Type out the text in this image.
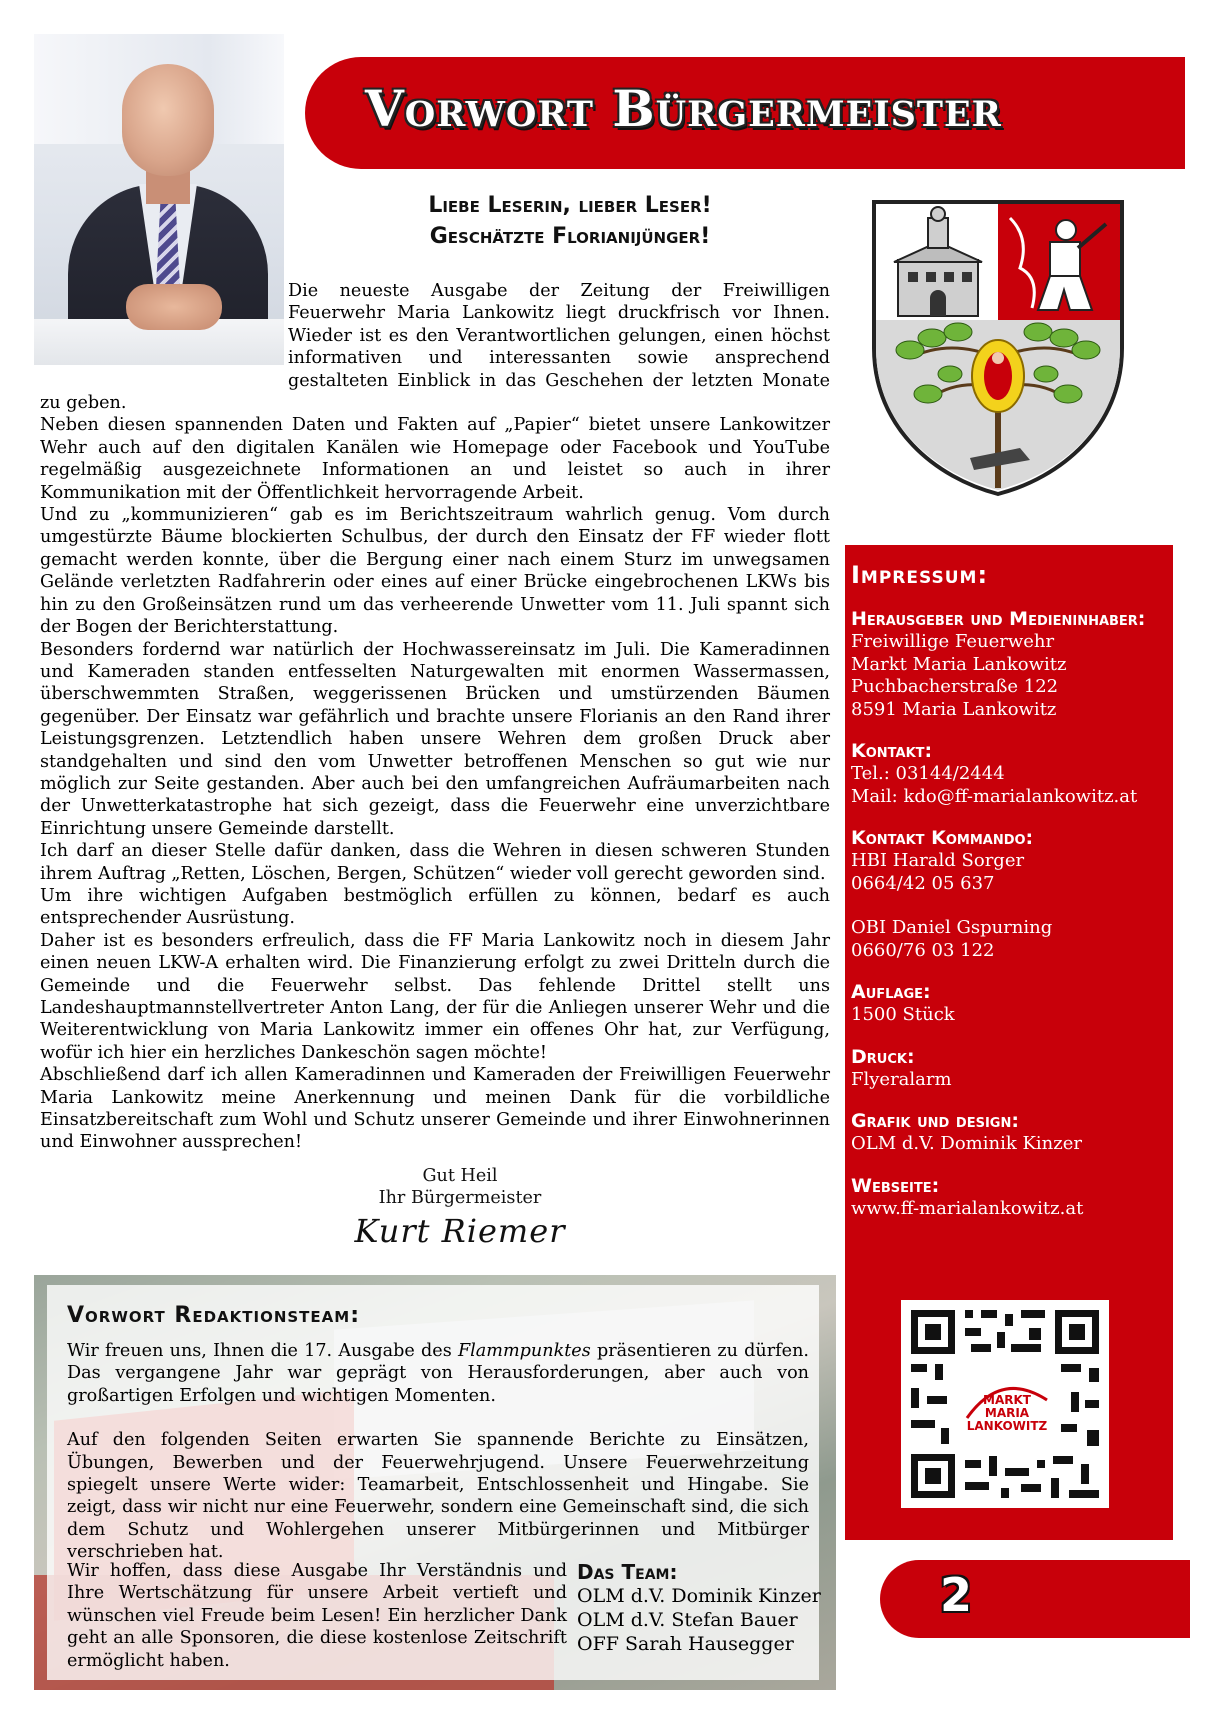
Vorwort Bürgermeister
Liebe Leserin, lieber Leser!
Geschätzte Florianijünger!

Die neueste Ausgabe der Zeitung der Freiwilligen Feuerwehr Maria Lankowitz liegt druckfrisch vor Ihnen. Wieder ist es den Verantwortlichen gelungen, einen höchst informativen und interessanten sowie ansprechend gestalteten Einblick in das Geschehen der letzten Monate zu geben.

Neben diesen spannenden Daten und Fakten auf „Papier“ bietet unsere Lankowitzer Wehr auch auf den digitalen Kanälen wie Homepage oder Facebook und YouTube regelmäßig ausgezeichnete Informationen an und leistet so auch in ihrer Kommunikation mit der Öffentlichkeit hervorragende Arbeit.

Und zu „kommunizieren“ gab es im Berichtszeitraum wahrlich genug. Vom durch umgestürzte Bäume blockierten Schulbus, der durch den Einsatz der FF wieder flott gemacht werden konnte, über die Bergung einer nach einem Sturz im unwegsamen Gelände verletzten Radfahrerin oder eines auf einer Brücke eingebrochenen LKWs bis hin zu den Großeinsätzen rund um das verheerende Unwetter vom 11. Juli spannt sich der Bogen der Berichterstattung.

Besonders fordernd war natürlich der Hochwassereinsatz im Juli. Die Kameradinnen und Kameraden standen entfesselten Naturgewalten mit enormen Wassermassen, überschwemmten Straßen, weggerissenen Brücken und umstürzenden Bäumen gegenüber. Der Einsatz war gefährlich und brachte unsere Florianis an den Rand ihrer Leistungsgrenzen. Letztendlich haben unsere Wehren dem großen Druck aber standgehalten und sind den vom Unwetter betroffenen Menschen so gut wie nur möglich zur Seite gestanden. Aber auch bei den umfangreichen Aufräumarbeiten nach der Unwetterkatastrophe hat sich gezeigt, dass die Feuerwehr eine unverzichtbare Einrichtung unsere Gemeinde darstellt.

Ich darf an dieser Stelle dafür danken, dass die Wehren in diesen schweren Stunden ihrem Auftrag „Retten, Löschen, Bergen, Schützen“ wieder voll gerecht geworden sind.

Um ihre wichtigen Aufgaben bestmöglich erfüllen zu können, bedarf es auch entsprechender Ausrüstung.

Daher ist es besonders erfreulich, dass die FF Maria Lankowitz noch in diesem Jahr einen neuen LKW-A erhalten wird. Die Finanzierung erfolgt zu zwei Dritteln durch die Gemeinde und die Feuerwehr selbst. Das fehlende Drittel stellt uns Landeshauptmannstellvertreter Anton Lang, der für die Anliegen unserer Wehr und die Weiterentwicklung von Maria Lankowitz immer ein offenes Ohr hat, zur Verfügung, wofür ich hier ein herzliches Dankeschön sagen möchte!

Abschließend darf ich allen Kameradinnen und Kameraden der Freiwilligen Feuerwehr Maria Lankowitz meine Anerkennung und meinen Dank für die vorbildliche Einsatzbereitschaft zum Wohl und Schutz unserer Gemeinde und ihrer Einwohnerinnen und Einwohner aussprechen!

Gut Heil
Ihr Bürgermeister
Kurt Riemer
Impressum:
Herausgeber und Medieninhaber:
Freiwillige Feuerwehr
Markt Maria Lankowitz
Puchbacherstraße 122
8591 Maria Lankowitz
Kontakt:
Tel.: 03144/2444
Mail: kdo@ff-marialankowitz.at
Kontakt Kommando:
HBI Harald Sorger
0664/42 05 637
OBI Daniel Gspurning
0660/76 03 122
Auflage:
1500 Stück
Druck:
Flyeralarm
Grafik und design:
OLM d.V. Dominik Kinzer
Webseite:
www.ff-marialankowitz.at
MARKT
MARIA
LANKOWITZ
2
Vorwort Redaktionsteam:

Wir freuen uns, Ihnen die 17. Ausgabe des Flammpunktes präsentieren zu dürfen. Das vergangene Jahr war geprägt von Herausforderungen, aber auch von großartigen Erfolgen und wichtigen Momenten.

Auf den folgenden Seiten erwarten Sie spannende Berichte zu Einsätzen, Übungen, Bewerben und der Feuerwehrjugend. Unsere Feuerwehrzeitung spiegelt unsere Werte wider: Teamarbeit, Entschlossenheit und Hingabe. Sie zeigt, dass wir nicht nur eine Feuerwehr, sondern eine Gemeinschaft sind, die sich dem Schutz und Wohlergehen unserer Mitbürgerinnen und Mitbürger verschrieben hat.

Wir hoffen, dass diese Ausgabe Ihr Verständnis und Ihre Wertschätzung für unsere Arbeit vertieft und wünschen viel Freude beim Lesen! Ein herzlicher Dank geht an alle Sponsoren, die diese kostenlose Zeitschrift ermöglicht haben.
Das Team:
OLM d.V. Dominik Kinzer
OLM d.V. Stefan Bauer
OFF Sarah Hausegger
